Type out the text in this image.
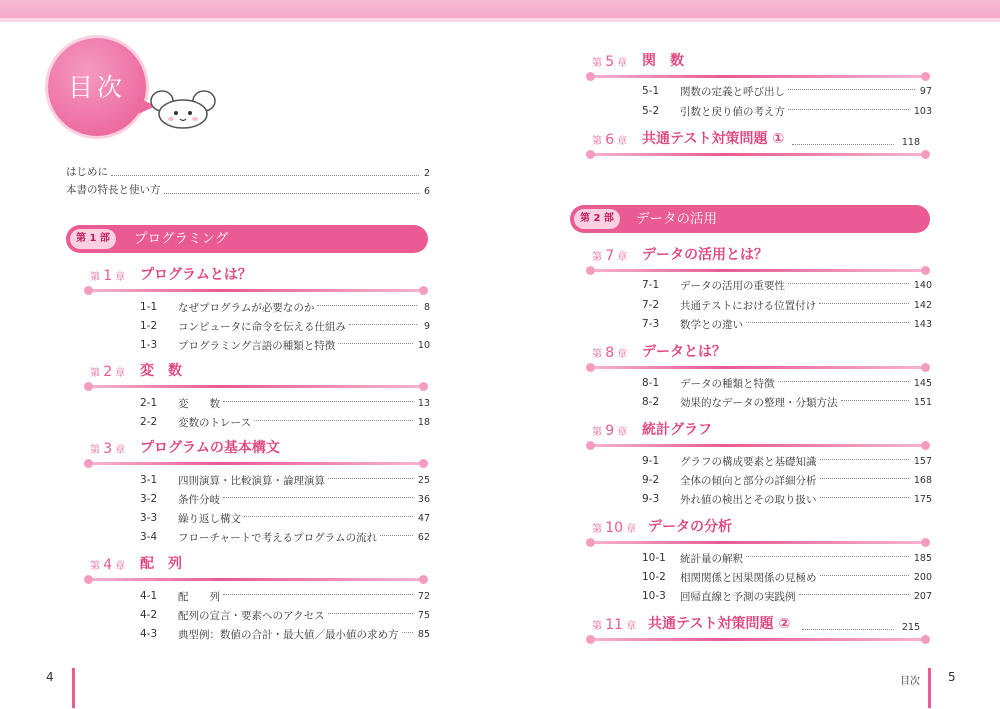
目次
はじめに	2
本書の特長と使い方	6
第 1 部	プログラミング
第 1 章 プログラムとは？
1-1	なぜプログラムが必要なのか	8
1-2	コンピュータに命令を伝える仕組み	9
1-3	プログラミング言語の種類と特徴	10
第 2 章 変　数
2-1	変　　数	13
2-2	変数のトレース	18
第 3 章 プログラムの基本構文
3-1	四則演算・比較演算・論理演算	25
3-2	条件分岐	36
3-3	繰り返し構文	47
3-4	フローチャートで考えるプログラムの流れ	62
第 4 章 配　列
4-1	配　　列	72
4-2	配列の宣言・要素へのアクセス	75
4-3	典型例：数値の合計・最大値／最小値の求め方 85
4
第 5 章 関　数
5-1	関数の定義と呼び出し	97
5-2	引数と戻り値の考え方	103
第 6 章 共通テスト対策問題 ①	118
第 2 部	データの活用
第 7 章 データの活用とは？
7-1	データの活用の重要性	140
7-2	共通テストにおける位置付け	142
7-3	数学との違い	143
第 8 章 データとは？
8-1	データの種類と特徴	145
8-2	効果的なデータの整理・分類方法	151
第 9 章 統計グラフ
9-1	グラフの構成要素と基礎知識	157
9-2	全体の傾向と部分の詳細分析	168
9-3	外れ値の検出とその取り扱い	175
第 10 章 データの分析
10-1	統計量の解釈	185
10-2	相関関係と因果関係の見極め	200
10-3	回帰直線と予測の実践例	207
第 11 章 共通テスト対策問題 ②	215
目次 5
